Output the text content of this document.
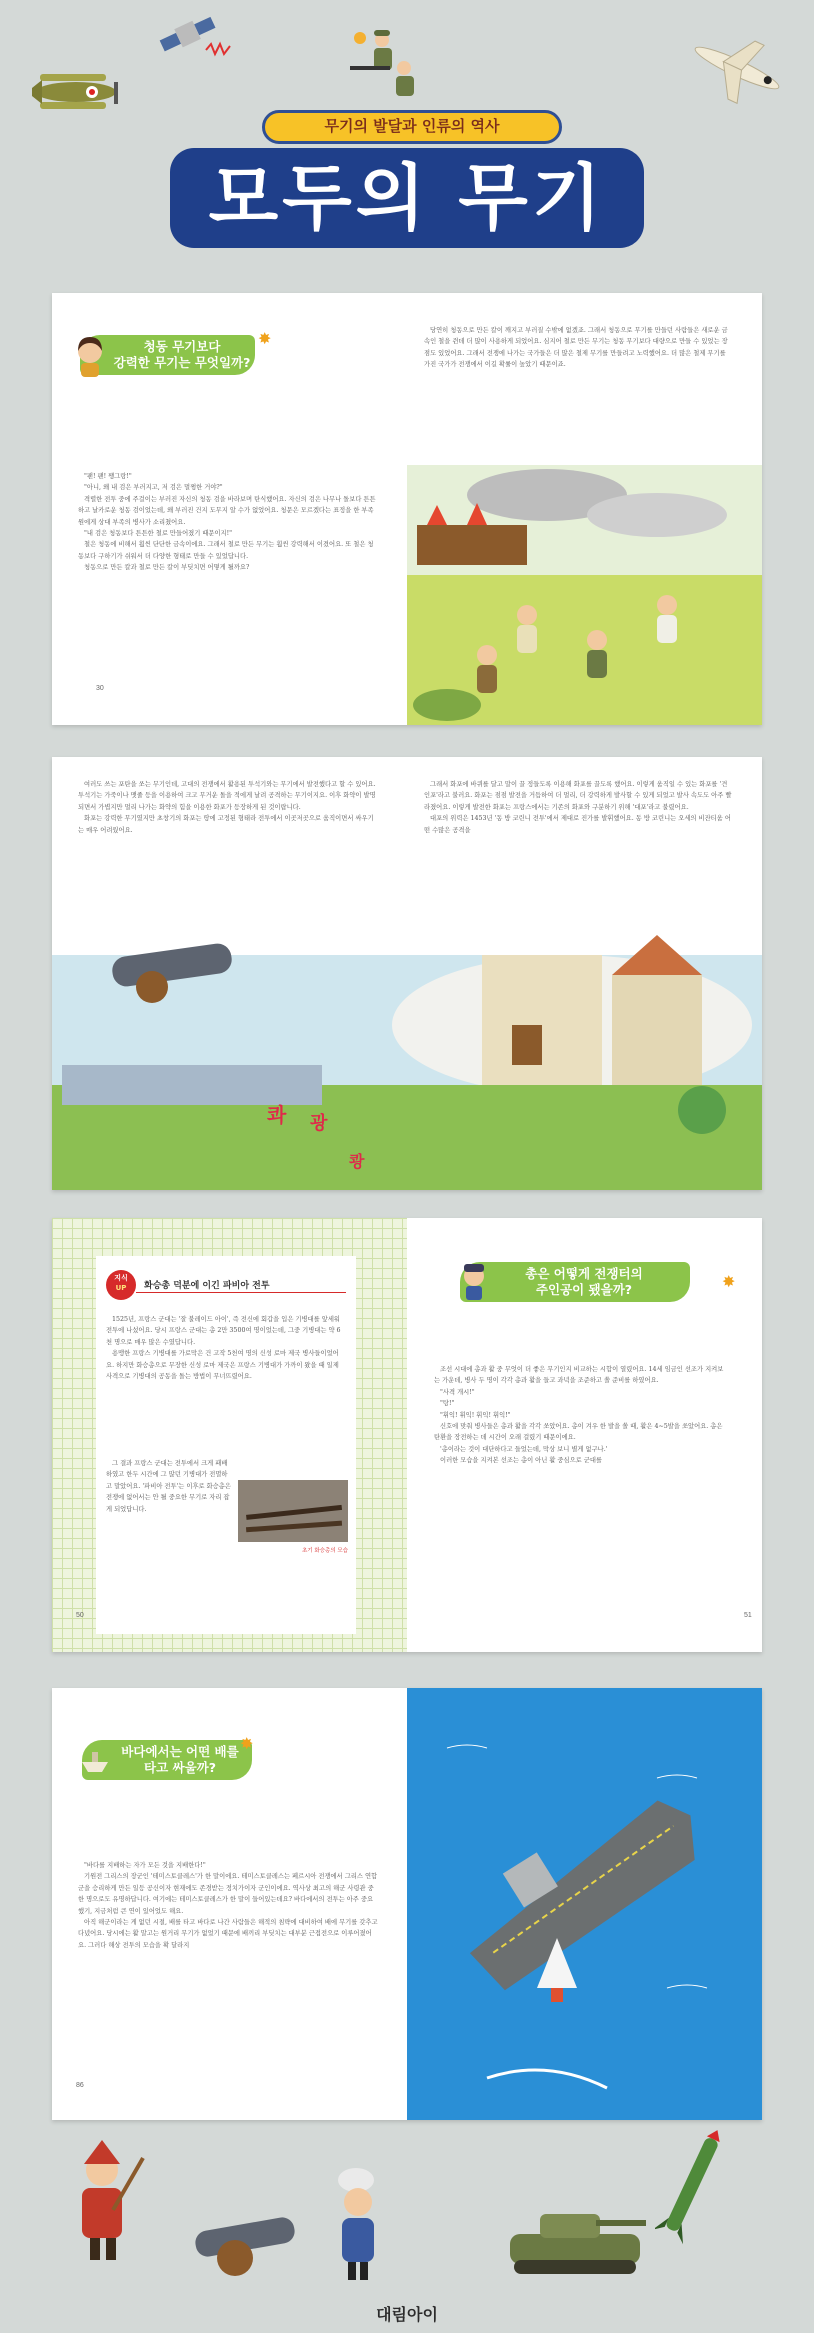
무기의 발달과 인류의 역사
모두의 무기
청동 무기보다
강력한 무기는 무엇일까?
✸

"팬! 팬! 쨍그랑!"

"아니, 왜 내 검은 부러지고, 저 검은 멀쩡한 거야?"

격렬한 전투 중에 주걸이는 부러진 자신의 청동 검을 바라보며 탄식했어요. 자신의 검은 나무나 돌보다 튼튼하고 날카로운 청동 검이었는데, 왜 부러진 건지 도무지 알 수가 없었어요. 청문은 모르겠다는 표정을 한 부족원에게 상대 부족의 병사가 소리쳤어요.

"내 검은 청동보다 튼튼한 철로 만들어졌기 때문이지!"

철은 청동에 비해서 훨씬 단단한 금속이에요. 그래서 철로 만든 무기는 훨씬 강력해서 이겼어요. 또 철은 청동보다 구하기가 쉬워서 더 다양한 형태로 만들 수 있었답니다.

청동으로 만든 칼과 철로 만든 칼이 부딪치면 어떻게 될까요?

30

당연히 청동으로 만든 칼이 깨지고 부러질 수밖에 없겠죠. 그래서 청동으로 무기를 만들던 사람들은 새로운 금속인 철을 쥔데 더 많이 사용하게 되었어요. 심지어 철로 만든 무기는 청동 무기보다 대량으로 만들 수 있었는 장점도 있었어요. 그래서 전쟁에 나가는 국가들은 더 많은 철제 무기를 만들려고 노력했어요. 더 많은 철제 무기를 가진 국가가 전쟁에서 이길 확률이 높았기 때문이죠.

여러도 쓰는 포탄을 쏘는 무기인데, 고대의 전쟁에서 활용된 투석기와는 무기에서 발전했다고 할 수 있어요. 투석기는 가죽이나 맷줄 등을 이용하여 크고 무거운 돌을 적에게 날려 공격하는 무기이지요. 이후 화약이 발명되면서 가볍지만 멀리 나가는 화약의 힘을 이용한 화포가 등장하게 된 것이랍니다.

화포는 강력한 무기였지만 초창기의 화포는 땅에 고정된 형태라 전투에서 이곳저곳으로 움직이면서 싸우기는 매우 어려웠어요.

그래서 화포에 바퀴를 달고 말이 끌 정들도록 이용해 화포를 끌도록 했어요. 이렇게 움직일 수 있는 화포를 '견인포'라고 불러요. 화포는 점점 발전을 거듭하여 더 멀리, 더 강력하게 발사할 수 있게 되었고 발사 속도도 아주 빨라졌어요. 이렇게 발전한 화포는 프랑스에서는 기존의 화포와 구분하기 위해 '대포'라고 불렸어요.

대포의 위력은 1453년 '동 방 코린니 전투'에서 제대로 진가를 발휘했어요. 동 방 코린니는 오세의 비잔티움 어떤 수많은 공격을

콰 광
쾅
지식
UP	화승총 덕분에 이긴 파비아 전투

1525년, 프랑스 군대는 '잘 불레이드 아이', 즉 전신에 회갑을 입은 기병대를 앞세워 전투에 나섰어요. 당시 프랑스 군대는 총 2만 3500여 명이었는데, 그중 기병대는 약 6천 명으로 매우 많은 수였답니다.

용맹한 프랑스 기병대를 가로막은 건 고작 5천여 명의 신성 로마 제국 병사들이었어요. 하지만 화승총으로 무장한 신성 로마 제국은 프랑스 기병대가 가까이 왔을 때 일제 사격으로 기병대의 공동을 돌는 방법이 무너뜨렸어요.

그 결과 프랑스 군대는 전투에서 크게 패배하였고 한두 시간에 그 많던 기병대가 전멸하고 말았어요. '파비아 전투'는 이후로 화승총은 전쟁에 없어서는 안 될 중요한 무기로 자리 잡게 되었답니다.

초기 화승총의 모습
50
총은 어떻게 전쟁터의
주인공이 됐을까?	✸

조선 시대에 총과 활 중 무엇이 더 좋은 무기인지 비교하는 시합이 열렸어요. 14세 임금인 선조가 지켜보는 가운데, 병사 두 명이 각각 총과 활을 들고 과녁을 조준하고 쏠 준비를 하였어요.

"사격 개시!"

"탕!"

"휘익! 휘익! 휘익! 휘익!"

신호에 맞춰 병사들은 총과 활을 각각 쏘았어요. 총이 겨우 한 발을 쏠 때, 활은 4~5발을 쏘았어요. 총은 탄환을 장전하는 데 시간이 오래 걸렸기 때문이에요.

'총이라는 것이 대단하다고 들었는데, 막상 보니 별게 없구나.'

이러한 모습을 지켜본 선조는 총이 아닌 활 중심으로 군대를

51
바다에서는 어떤 배를
타고 싸울까?
✸

"바다를 지배하는 자가 모든 것을 지배한다!"

기원전 그리스의 장군인 '테미스토클레스'가 한 말이에요. 테미스토클레스는 페르시아 전쟁에서 그리스 연합군을 승리하게 만든 일등 공신이자 현재에도 존경받는 정치가이자 군인이에요. 역사상 최고의 해군 사령관 중 한 명으로도 유명하답니다. 여기에는 테미스토클레스가 한 말이 들어있는데요? 바다에서의 전투는 아주 중요했기, 지금처럼 큰 연이 있어었도 해요.

아직 해군이라는 게 없던 시절, 배를 타고 바다로 나간 사람들은 해적의 침략에 대비하여 배에 무기를 갖추고 다녔어요. 당시에는 활 말고는 원거리 무기가 없었기 때문에 배끼리 부딪치는 대부분 근접전으로 이루어졌어요. 그러다 해상 전투의 모습을 확 달라지

86
대림아이
